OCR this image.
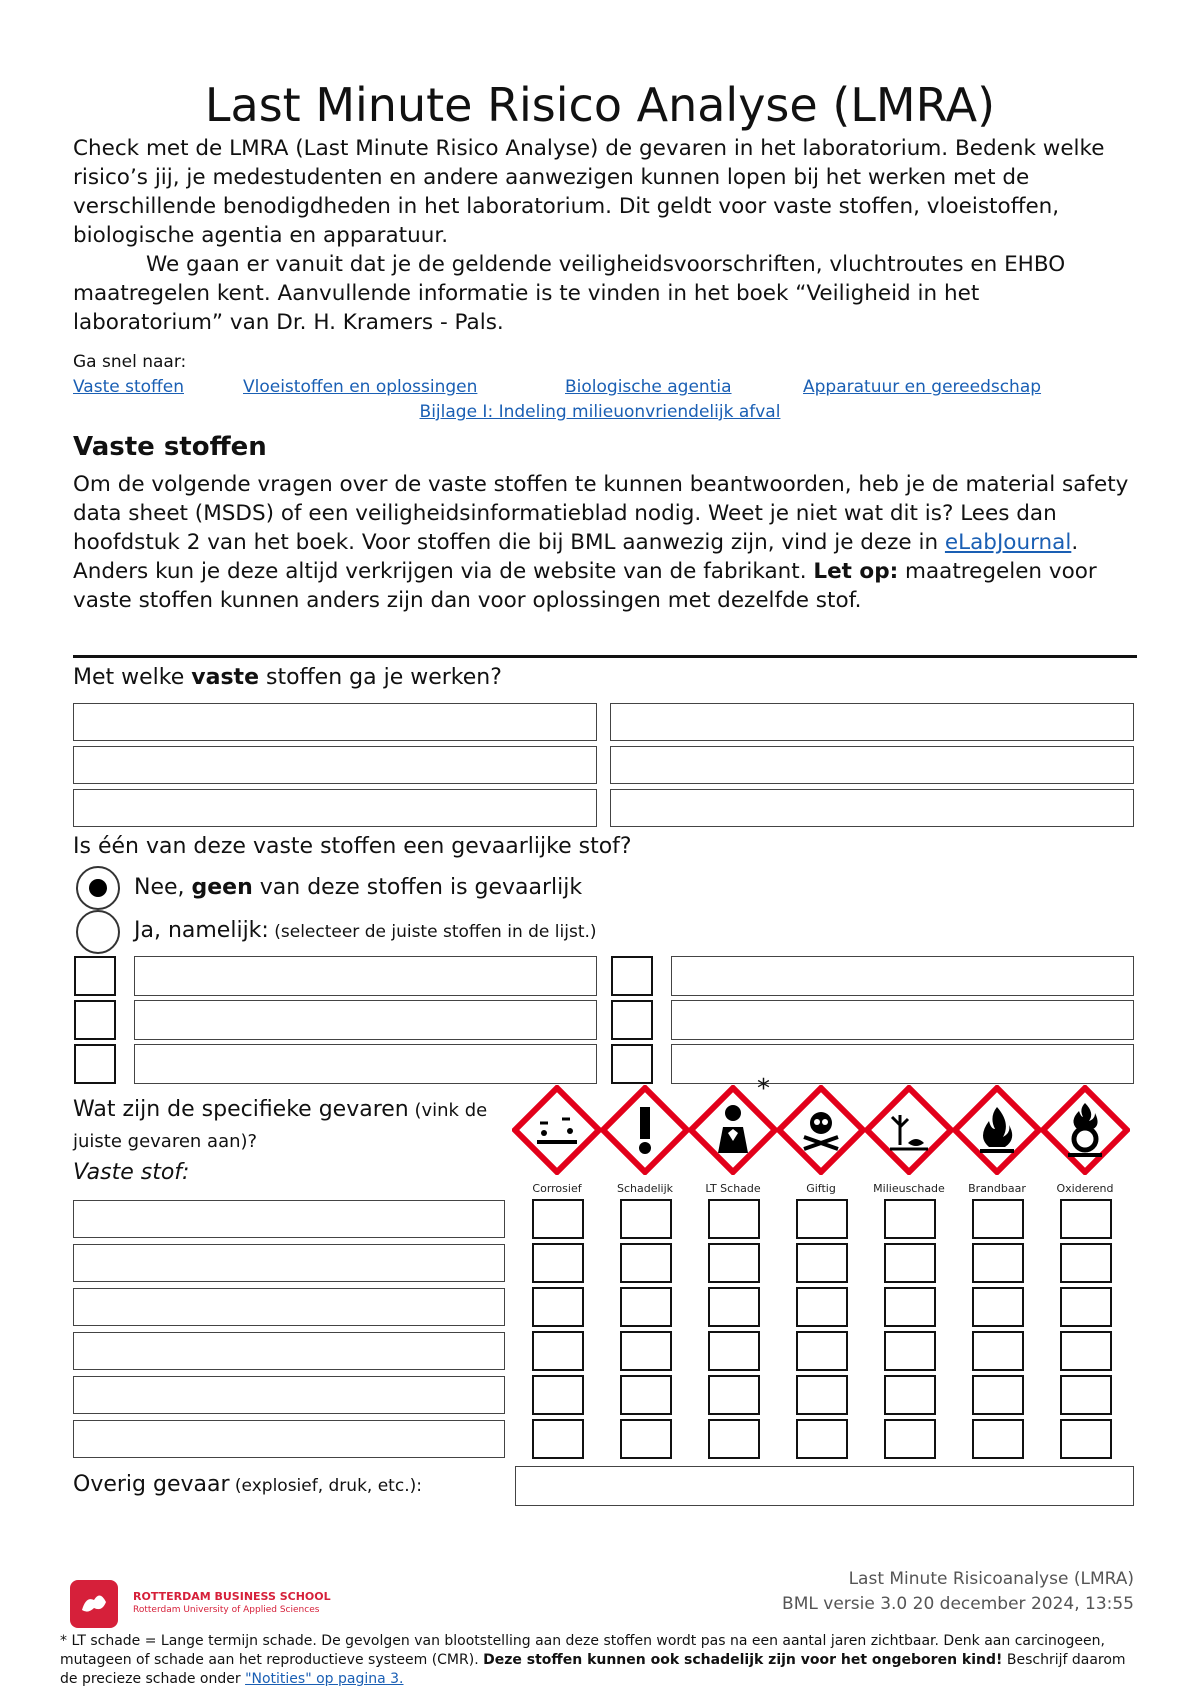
Last Minute Risico Analyse (LMRA)
Check met de LMRA (Last Minute Risico Analyse) de gevaren in het laboratorium. Bedenk welke risico’s jij, je medestudenten en andere aanwezigen kunnen lopen bij het werken met de verschillende benodigdheden in het laboratorium. Dit geldt voor vaste stoffen, vloeistoffen, biologische agentia en apparatuur.
We gaan er vanuit dat je de geldende veiligheidsvoorschriften, vluchtroutes en EHBO maatregelen kent. Aanvullende informatie is te vinden in het boek “Veiligheid in het laboratorium” van Dr. H. Kramers - Pals.
Ga snel naar:
Vaste stoffen	Vloeistoffen en oplossingen	Biologische agentia	Apparatuur en gereedschap
Bijlage I: Indeling milieuonvriendelijk afval
Vaste stoffen
Om de volgende vragen over de vaste stoffen te kunnen beantwoorden, heb je de material safety data sheet (MSDS) of een veiligheidsinformatieblad nodig. Weet je niet wat dit is? Lees dan hoofdstuk 2 van het boek. Voor stoffen die bij BML aanwezig zijn, vind je deze in eLabJournal. Anders kun je deze altijd verkrijgen via de website van de fabrikant. Let op: maatregelen voor vaste stoffen kunnen anders zijn dan voor oplossingen met dezelfde stof.
Met welke vaste stoffen ga je werken?
Is één van deze vaste stoffen een gevaarlijke stof?
Nee, geen van deze stoffen is gevaarlijk
Ja, namelijk: (selecteer de juiste stoffen in de lijst.)
Wat zijn de specifieke gevaren (vink de juiste gevaren aan)?
Vaste stof:
*
Corrosief	Schadelijk	LT Schade	Giftig	Milieuschade	Brandbaar	Oxiderend
Overig gevaar (explosief, druk, etc.):
ROTTERDAM BUSINESS SCHOOL
Rotterdam University of Applied Sciences
Last Minute Risicoanalyse (LMRA)
BML versie 3.0 20 december 2024, 13:55
* LT schade = Lange termijn schade. De gevolgen van blootstelling aan deze stoffen wordt pas na een aantal jaren zichtbaar. Denk aan carcinogeen, mutageen of schade aan het reproductieve systeem (CMR). Deze stoffen kunnen ook schadelijk zijn voor het ongeboren kind! Beschrijf daarom de precieze schade onder "Notities" op pagina 3.
